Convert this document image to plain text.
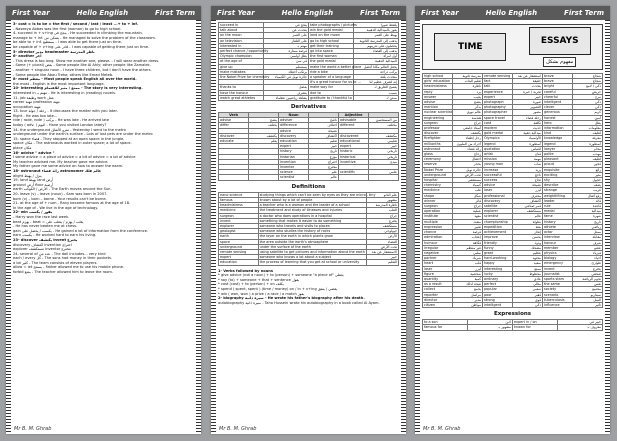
First Year	Hello English	First Term
3- cost = is to be = the first / second / last / least ...+ to + inf.
- Naseeya Abbas was the first (woman) to go to high school.
4- succeed in + v+ing ينجح في - He succeeded in climbing the mountain.
manage to + inf. يتمكن من - He managed to solve the problem of the classroom.
be able to + inf. يستطيع - I was able to get there just on time.
be capable of + v+ing قادر على - I was capable of getting there just on time.
5- director مدير headmaster ناظر المدرسة
6- another آخر
- This dress is too long. Show me another one, please. - I will wear another dress.
- Some (+ plural) بعض - Some people like Al Ahly; other people like Zamalek.
- another + singular noun - I have three children, but I don't have the others.
- Some people like Abou Treka; others like Emad Meteb.
8- most معظم - Most people speak English all over the world.
the most - English is the most important language.
10- interesting ممتع / مثير للاهتمام - The story is very interesting.
interested in مهتم بـ - He is interesting in (reading) novels.
11- job وظيفة work عمل
career مهنة profession مهنة
occupation مهنة
13- tour رحلة / جولة - It discusses the matter with you later.
flight - He was too late...
ride ( rode, rode ) يركب - He was late - He arrived late
today ( adv. ) اليوم - Have you visited London lately?
14- the underground مترو الأنفاق - Yesterday I went to the metro
underground under the earth's surface - Lots of lost pets are under the metro
15- space فضاء - They stopped at an open space in the jungle.
space مكان - The astronauts worked in outer space; a lot of space.
place مكان
16- advise " advice "
I some advice = a piece of advice = a bit of advice = a lot of advice
My teacher advised me. My teacher gave me advice.
My father gave me some advice on how to answer the exam.
18- astronaut رائد فضاء astronomer عالم فلك
alight ينزل / يهبط
19- land يهبط land أرض
ground أرض floor أرضية
earth الأرض / الكوكب - The Earth moves around the Sun.
20- leave (v) – leave (noun) - Sam was born in 2007.
born (v) – born – borne - Your results can't be borne.
21- at the age of + num - Rany became famous at the age of 18.
In the age of - We live in the age of technology.
22- win يفوز / يكسب
- Harry won the race last week.
beat يهزم - beat = يغلب / يهزم / يتغلب على
- He has never beaten me at chess.
gain يكسب / يحصل على - He gained a lot of information from the conference.
earn يكسب - He worked hard to earn his living.
23- discover يكتشف invent يخترع
discovery اكتشاف invention اختراع
explorer مستكشف inventor مخترع
24- several of عدد من - The doll includes... very kind
each / every كل - The sons had money in their pockets.
a lot كثير - The team consists of eleven players.
allow = let يسمح - Father allowed me to use his mobile phone.
forbid يمنع - The teacher allowed him to leave the room.
Mr B. M. Ghrab
First Year	Hello English	First Term
succeed in	ينجح في	take photographs / pictures	يلتقط صورا
talk about	يتحدث عن	win the gold medal	يفوز بالميدالية الذهبية
on the moon	على القمر	land on the moon	يهبط على القمر
on television	على التلفاز	go to high school	يذهب إلى المدرسة الثانوية
interested in	مهتم بـ	get their training	يحصلون على تدريبهم
perfect chance / opportunity	فرصة ممتازة	go into space	يذهب إلى الفضاء
Olympic champion	بطل أولمبي	the first woman	أول امرأة
at the age of	في سن	the gold medal	الميدالية الذهبية
give up	يستسلم	make the world a better place	يجعل العالم مكانا أفضل
make mistakes	يرتكب أخطاء	ride a bike	يركب دراجة
the Nobel Prize for chemistry	جائزة نوبل في الكيمياء	a speaker of a language	متحدث بلغة
		It's a great honour for us to ...	إنه لشرف عظيم لنا
thanks to	بفضل	make way for	يفسح الطريق لـ
have the honour	يتشرف	due to	بسبب
watch great athletes	يشاهد رياضيين عظماء	gratitude to / thankful to	ممتن لـ
Derivatives
Verb		Noun		Adjective	
advise	ينصح	adviser	ناصح	advisable	من المستحسن
differ	يختلف	difference	اختلاف	different	مختلف
		advice	نصيحة		
discover	يكتشف	discovery	اكتشاف	discovered	مكتشف
educate	يعلم	education	تعليم	educational	تعليمي
		expert	خبير	expert	خبير
		history	تاريخ	historic	تاريخي
		historian	مؤرخ	historical	تاريخي
		invention	اختراع	inventive	مبدع
		inventor	مخترع		
		science	علم	scientific	علمي
		scientist	عالم		
Definitions
nano science	studying things which can't be seen by eyes as they are micro - tiny	علم النانو
famous	known about by a lot of people	مشهور
headmistress	a teacher who is a woman and the leader of a school	ناظرة المدرسة
medicine	the treatment and study of illnesses and injuries	الطب
surgeon	a doctor who does operations in a hospital	جراح
invent	something that makes it easier to do something	يخترع
explorer	someone who travels and visits to places	مستكشف
geologist	someone who studies the history of rocks	جيولوجي
earth	the layer on the earth in which plants grow	الأرض
space	the area outside the earth's atmosphere	الفضاء
underground	under the surface of the earth	تحت الأرض
remote sensing	using satellite to get pictures and information about the earth	الاستشعار عن بعد
expert	someone who knows a lot about a subject	خبير
education	the process of learning that you get at school or university	التعليم
1- Verbs followed by nouns
* give advice (not a noun) + to (person) + someone "a piece of" يعطي
* say (to) + someone + that + sentence يقول
* cost (cost) + to (person) + on يكلف
* spend ( spent, spent ) (time / money) on / in + v+ing يقضي / ينفق
* win ( won, won ) a prize / a race / a match يفوز
2- biography سيرة ذاتية - He wrote his father's biography after his death.
autobiography سيرة ذاتية - Taha Hussein wrote his autobiography in a book called Al Ayam.
Mr B. M. Ghrab
First Year	Hello English	First Term
TIME
ESSAYS
مفهوم بشكل
high school	مدرسة ثانوية	remote sensing	استشعار عن بعد	brave	شجاع
girls' education	تعليم البنات	fact	حقيقة	brave	شجاع
headmistress	ناظرة	talk	يتحدث	bright	ذكي / لامع
reply	يرد	experience	تجربة / خبرة	careful	حريص
answer	يجيب	expert	خبير	cheerful	مرح
advise	ينصح	photograph	صورة	intelligent	ذكي
mention	يذكر	photography	التصوير	clever	ذكي
nuclear scientist	عالم نووي	photographer	مصور	generous	كريم
engineering	هندسة	space travel	رحلة فضاء	honest	أمين
surgeon	جراح	cost	تكلفة	hero	بطل
professor	أستاذ جامعي	modern	حديث	information	معلومات
discover	يكتشف	gold medal	ميدالية ذهبية	kind	لطيف
firefighter	رجل إطفاء	Olympics	الأولمبياد	knowledge	معرفة
millionths	أجزاء من المليون	legend	أسطورة	legend	أسطورة
astronaut	رائد فضاء	quotation	اقتباس	lawyer	محام
glass	زجاج	artist	فنان	polite	مهذب
ceremony	احتفال	mission	مهمة	pleasant	لطيف
reserve	يحجز	young man	شاب	proud	فخور
Nobel Prize	جائزة نوبل	increase	يزيد	exquisite	رائع
underground	تحت الأرض	successful	ناجح	exciting	مثير
hospital	مستشفى	success	نجاح	shy	خجول
chemistry	كيمياء	advice	نصيحة	describe	يصف
medicine	طب	laser	ليزر	strange	غريب
shape	شكل	professional	محترف	weightlifting	رفع أثقال
winner	فائز	discovery	اكتشاف	leader	قائد
surgeon	جراح	satellite	قمر صناعي	rule	قاعدة
operation	عملية	explorer	مستكشف	medal	ميدالية
institute	معهد	scientist	عالم	fame	شهرة
multiple	متعدد	championship	بطولة	history	تاريخ
expression	تعبير	expedition	بعثة	athlete	رياضي
chance	فرصة	achievement	إنجاز	actor	ممثل
admiration	إعجاب	improve	يحسن	interview	مقابلة
humour	فكاهة	friendly	ودود	honour	شرف
irregular	غير منتظم	funny	مضحك	member	عضو
negative	سلبي	great	عظيم	physics	فيزياء
partner	شريك	hard-working	مجتهد	biology	أحياء
heart	قلب	happy	سعيد	emergency	طوارئ
laser	ليزر	interesting	ممتع	invent	يخترع
figure	شخصية	lucky	محظوظ	journalist	صحفي
quantity	كمية	ordinary	عادي	sports stars	نجوم الرياضة
as a result	نتيجة لذلك	perfect	مثالي	the same	نفس
collect	يجمع	popular	شعبي	society	مجتمع
reporter	مراسل	poor	فقير	scenario	سيناريو
director	مدير	strong	قوي	tuberculosis	السل
citizen	مواطن	intelligent	ذكي	influence	تأثير
Expressions
to a son	لابن	expert in / on	خبير في
famous for	مشهور بـ	known for	معروف بـ
Mr B. M. Ghrab
